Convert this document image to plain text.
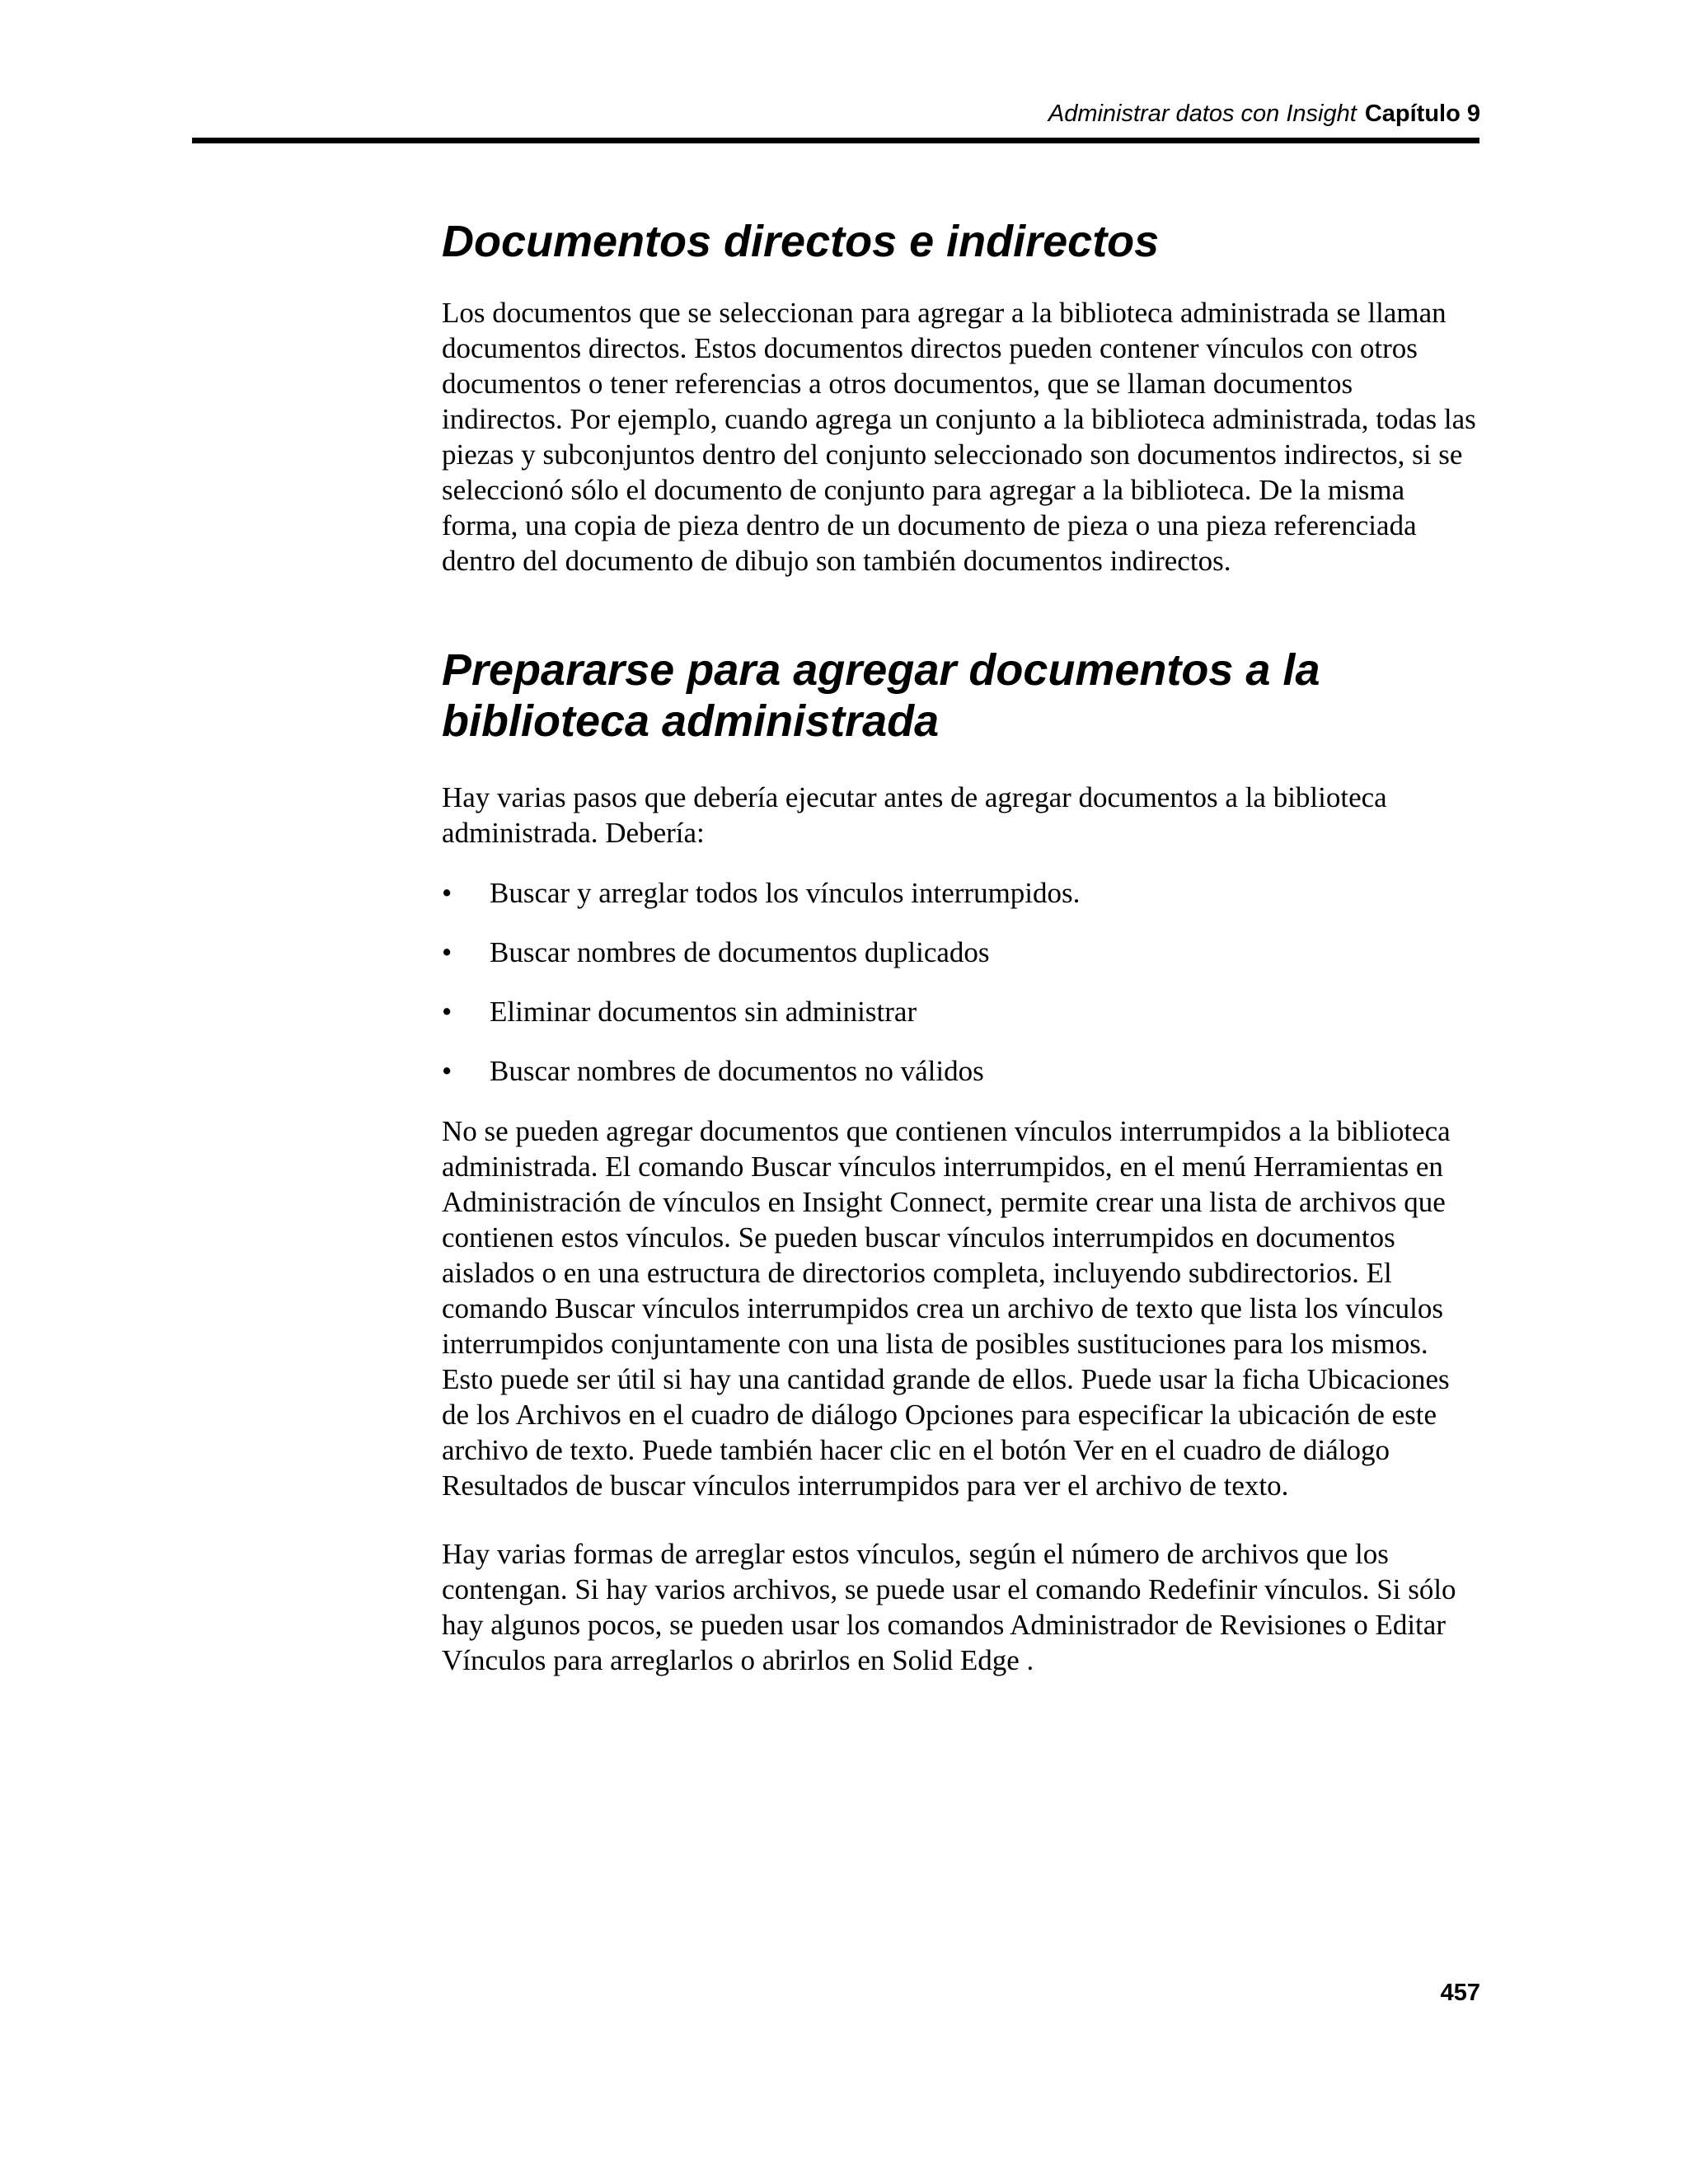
Administrar datos con Insight Capítulo 9
Documentos directos e indirectos

Los documentos que se seleccionan para agregar a la biblioteca administrada se llaman documentos directos. Estos documentos directos pueden contener vínculos con otros documentos o tener referencias a otros documentos, que se llaman documentos indirectos. Por ejemplo, cuando agrega un conjunto a la biblioteca administrada, todas las piezas y subconjuntos dentro del conjunto seleccionado son documentos indirectos, si se seleccionó sólo el documento de conjunto para agregar a la biblioteca. De la misma forma, una copia de pieza dentro de un documento de pieza o una pieza referenciada dentro del documento de dibujo son también documentos indirectos.

Prepararse para agregar documentos a la biblioteca administrada

Hay varias pasos que debería ejecutar antes de agregar documentos a la biblioteca administrada. Debería:

• Buscar y arreglar todos los vínculos interrumpidos.
• Buscar nombres de documentos duplicados
• Eliminar documentos sin administrar
• Buscar nombres de documentos no válidos

No se pueden agregar documentos que contienen vínculos interrumpidos a la biblioteca administrada. El comando Buscar vínculos interrumpidos, en el menú Herramientas en Administración de vínculos en Insight Connect, permite crear una lista de archivos que contienen estos vínculos. Se pueden buscar vínculos interrumpidos en documentos aislados o en una estructura de directorios completa, incluyendo subdirectorios. El comando Buscar vínculos interrumpidos crea un archivo de texto que lista los vínculos interrumpidos conjuntamente con una lista de posibles sustituciones para los mismos. Esto puede ser útil si hay una cantidad grande de ellos. Puede usar la ficha Ubicaciones de los Archivos en el cuadro de diálogo Opciones para especificar la ubicación de este archivo de texto. Puede también hacer clic en el botón Ver en el cuadro de diálogo Resultados de buscar vínculos interrumpidos para ver el archivo de texto.

Hay varias formas de arreglar estos vínculos, según el número de archivos que los contengan. Si hay varios archivos, se puede usar el comando Redefinir vínculos. Si sólo hay algunos pocos, se pueden usar los comandos Administrador de Revisiones o Editar Vínculos para arreglarlos o abrirlos en Solid Edge .

457
